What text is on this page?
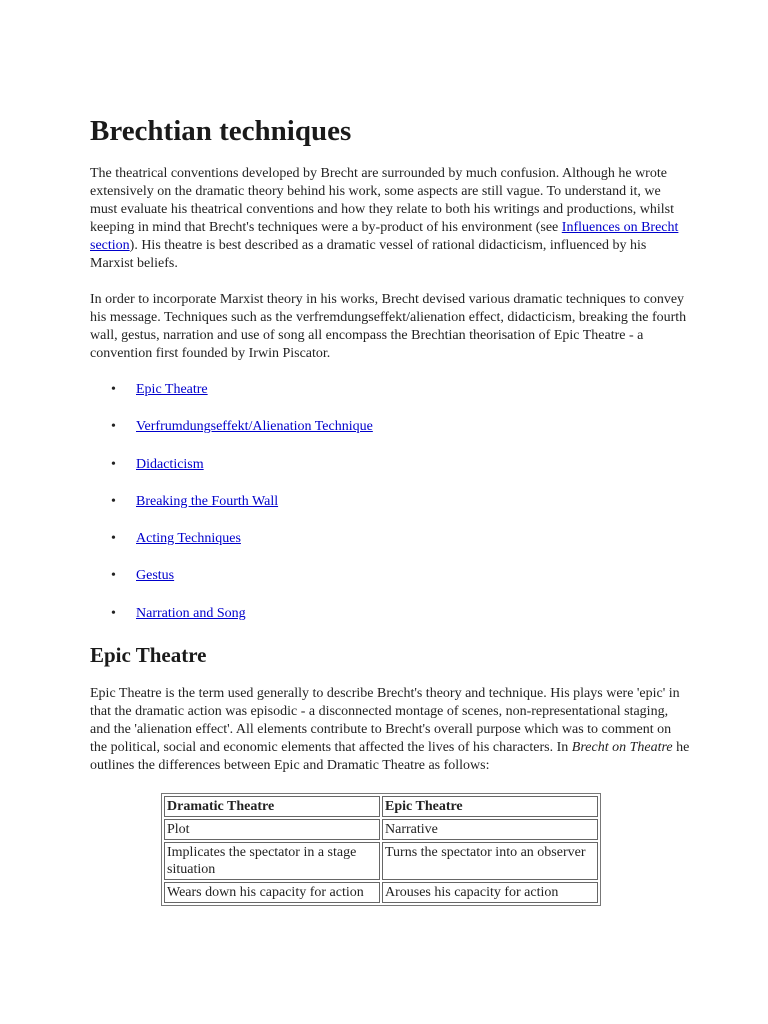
Brechtian techniques

The theatrical conventions developed by Brecht are surrounded by much confusion. Although he wrote extensively on the dramatic theory behind his work, some aspects are still vague. To understand it, we must evaluate his theatrical conventions and how they relate to both his writings and productions, whilst keeping in mind that Brecht's techniques were a by-product of his environment (see Influences on Brecht section). His theatre is best described as a dramatic vessel of rational didacticism, influenced by his Marxist beliefs.

In order to incorporate Marxist theory in his works, Brecht devised various dramatic techniques to convey his message. Techniques such as the verfremdungseffekt/alienation effect, didacticism, breaking the fourth wall, gestus, narration and use of song all encompass the Brechtian theorisation of Epic Theatre - a convention first founded by Irwin Piscator.

• Epic Theatre
• Verfrumdungseffekt/Alienation Technique
• Didacticism
• Breaking the Fourth Wall
• Acting Techniques
• Gestus
• Narration and Song
Epic Theatre

Epic Theatre is the term used generally to describe Brecht's theory and technique. His plays were 'epic' in that the dramatic action was episodic - a disconnected montage of scenes, non-representational staging, and the 'alienation effect'. All elements contribute to Brecht's overall purpose which was to comment on the political, social and economic elements that affected the lives of his characters. In Brecht on Theatre he outlines the differences between Epic and Dramatic Theatre as follows:

Dramatic Theatre	Epic Theatre
Plot	Narrative
Implicates the spectator in a stage situation	Turns the spectator into an observer
Wears down his capacity for action	Arouses his capacity for action
